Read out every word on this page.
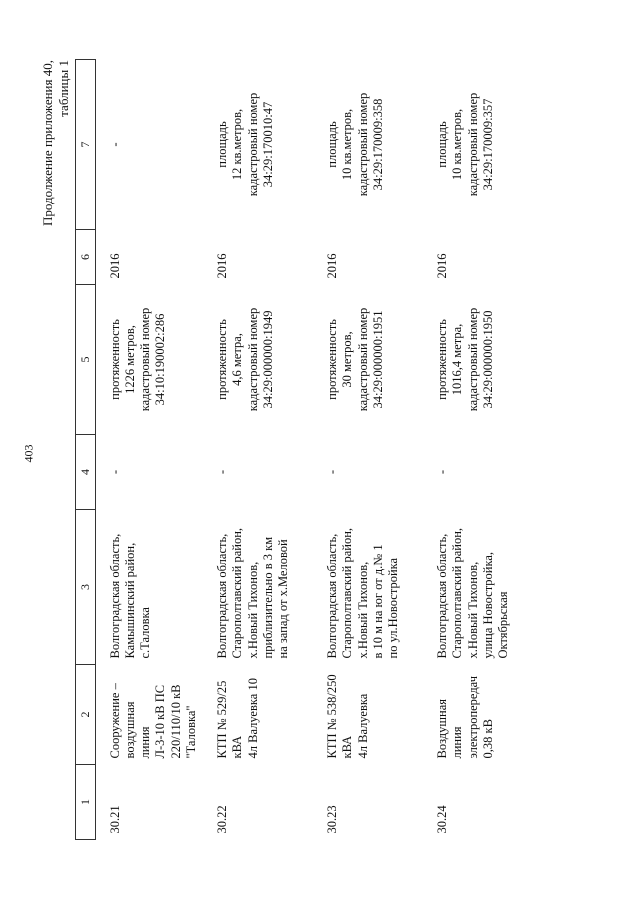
403
Продолжение приложения 40, таблицы 1
1	2	3	4	5	6	7
30.21	Сооружение –
воздушная линия
Л-3-10 кВ ПС
220/110/10 кВ
"Таловка"	Волгоградская область,
Камышинский район,
с.Таловка	-	протяженность
1226 метров,
кадастровый номер
34:10:190002:286	2016	-
30.22	КТП № 529/25 кВА
4л Валуевка 10	Волгоградская область,
Старополтавский район,
х.Новый Тихонов,
приблизительно в 3 км
на запад от х.Меловой	-	протяженность
4,6 метра,
кадастровый номер
34:29:000000:1949	2016	площадь
12 кв.метров,
кадастровый номер
34:29:170010:47
30.23	КТП № 538/250 кВА
4л Валуевка	Волгоградская область,
Старополтавский район,
х.Новый Тихонов,
в 10 м на юг от д.№ 1
по ул.Новостройка	-	протяженность
30 метров,
кадастровый номер
34:29:000000:1951	2016	площадь
10 кв.метров,
кадастровый номер
34:29:170009:358
30.24	Воздушная линия
электропередач
0,38 кВ	Волгоградская область,
Старополтавский район,
х.Новый Тихонов,
улица Новостройка,
Октябрьская	-	протяженность
1016,4 метра,
кадастровый номер
34:29:000000:1950	2016	площадь
10 кв.метров,
кадастровый номер
34:29:170009:357
